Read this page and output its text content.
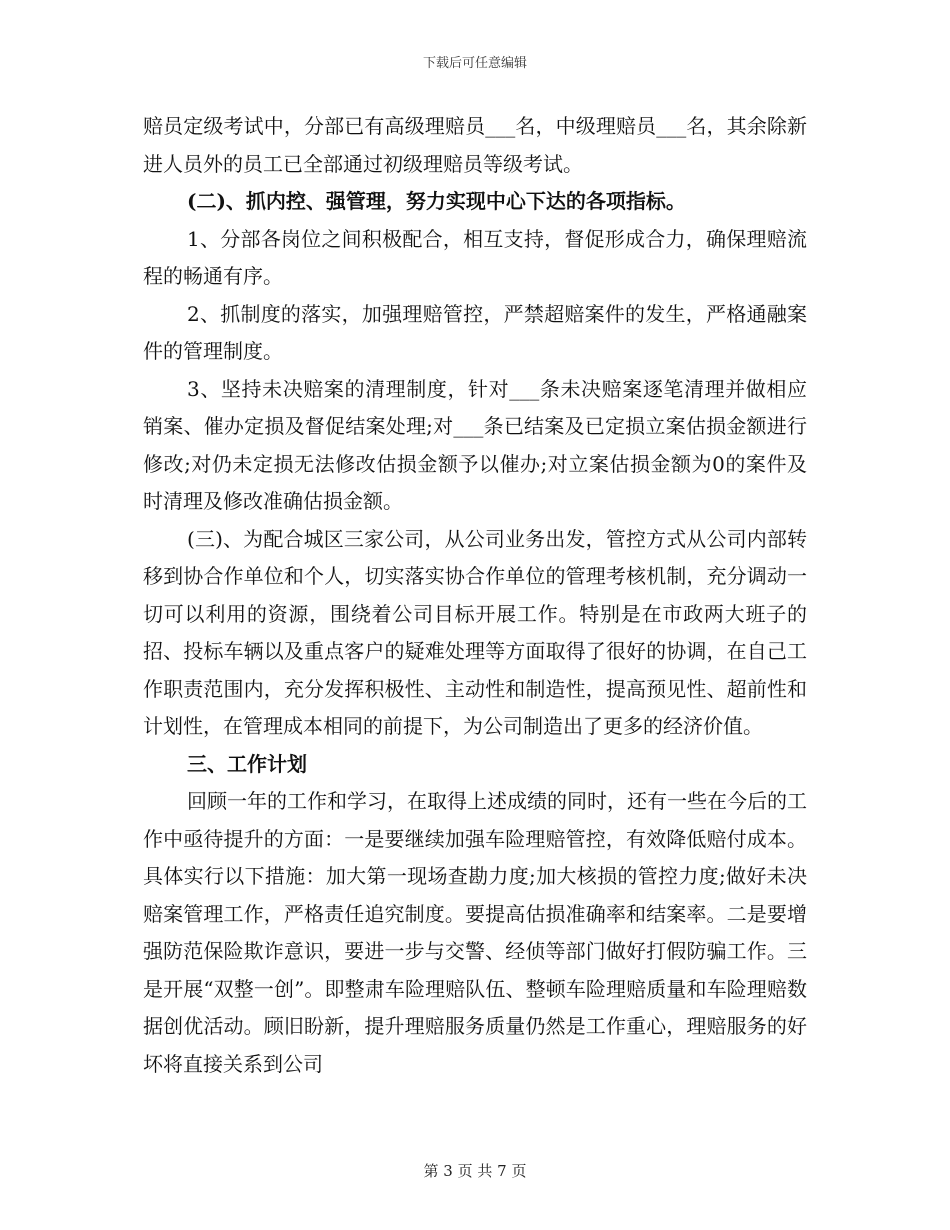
下载后可任意编辑

赔员定级考试中，分部已有高级理赔员___名，中级理赔员___名，其余除新进人员外的员工已全部通过初级理赔员等级考试。

(二)、抓内控、强管理，努力实现中心下达的各项指标。

1、分部各岗位之间积极配合，相互支持，督促形成合力，确保理赔流程的畅通有序。

2、抓制度的落实，加强理赔管控，严禁超赔案件的发生，严格通融案件的管理制度。

3、坚持未决赔案的清理制度，针对___条未决赔案逐笔清理并做相应销案、催办定损及督促结案处理;对___条已结案及已定损立案估损金额进行修改;对仍未定损无法修改估损金额予以催办;对立案估损金额为0的案件及时清理及修改准确估损金额。

(三)、为配合城区三家公司，从公司业务出发，管控方式从公司内部转移到协合作单位和个人，切实落实协合作单位的管理考核机制，充分调动一切可以利用的资源，围绕着公司目标开展工作。特别是在市政两大班子的招、投标车辆以及重点客户的疑难处理等方面取得了很好的协调，在自己工作职责范围内，充分发挥积极性、主动性和制造性，提高预见性、超前性和计划性，在管理成本相同的前提下，为公司制造出了更多的经济价值。

三、工作计划

回顾一年的工作和学习，在取得上述成绩的同时，还有一些在今后的工作中亟待提升的方面：一是要继续加强车险理赔管控，有效降低赔付成本。具体实行以下措施：加大第一现场查勘力度;加大核损的管控力度;做好未决赔案管理工作，严格责任追究制度。要提高估损准确率和结案率。二是要增强防范保险欺诈意识，要进一步与交警、经侦等部门做好打假防骗工作。三是开展“双整一创”。即整肃车险理赔队伍、整顿车险理赔质量和车险理赔数据创优活动。顾旧盼新，提升理赔服务质量仍然是工作重心，理赔服务的好坏将直接关系到公司

第 3 页 共 7 页
